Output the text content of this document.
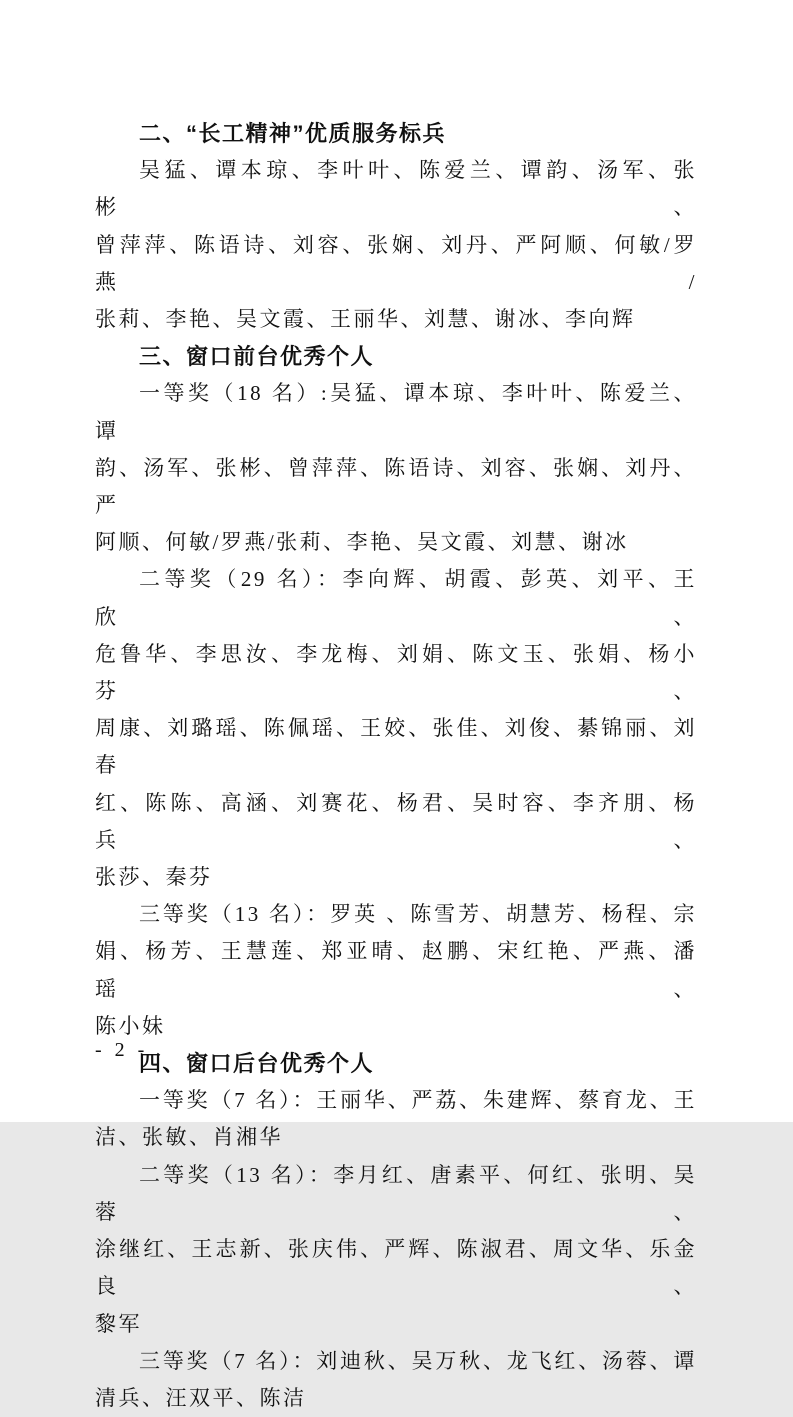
二、“长工精神”优质服务标兵
吴猛、谭本琼、李叶叶、陈爱兰、谭韵、汤军、张彬、
曾萍萍、陈语诗、刘容、张娴、刘丹、严阿顺、何敏/罗燕/
张莉、李艳、吴文霞、王丽华、刘慧、谢冰、李向辉
三、窗口前台优秀个人
一等奖（18 名）:吴猛、谭本琼、李叶叶、陈爱兰、谭
韵、汤军、张彬、曾萍萍、陈语诗、刘容、张娴、刘丹、严
阿顺、何敏/罗燕/张莉、李艳、吴文霞、刘慧、谢冰
二等奖（29 名）：李向辉、胡霞、彭英、刘平、王欣、
危鲁华、李思汝、李龙梅、刘娟、陈文玉、张娟、杨小芬、
周康、刘璐瑶、陈佩瑶、王姣、张佳、刘俊、綦锦丽、刘春
红、陈陈、高涵、刘赛花、杨君、吴时容、李齐朋、杨兵、
张莎、秦芬
三等奖（13 名）：罗英 、陈雪芳、胡慧芳、杨程、宗
娟、杨芳、王慧莲、郑亚晴、赵鹏、宋红艳、严燕、潘瑶、
陈小妹
四、窗口后台优秀个人
一等奖（7 名）：王丽华、严荔、朱建辉、蔡育龙、王
洁、张敏、肖湘华
二等奖（13 名）：李月红、唐素平、何红、张明、吴蓉、
涂继红、王志新、张庆伟、严辉、陈淑君、周文华、乐金良、
黎军
三等奖（7 名）：刘迪秋、吴万秋、龙飞红、汤蓉、谭
清兵、汪双平、陈洁
- 2 -
